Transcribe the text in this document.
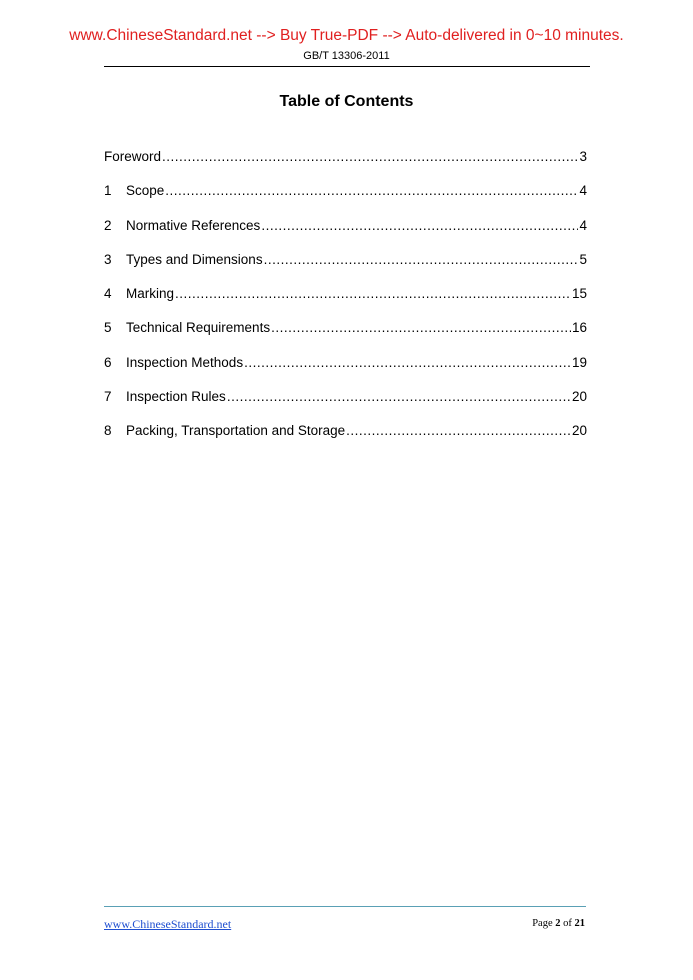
www.ChineseStandard.net --> Buy True-PDF --> Auto-delivered in 0~10 minutes.
GB/T 13306-2011
Table of Contents
Foreword .....	3
1	Scope .....	4
2	Normative References .....	4
3	Types and Dimensions .....	5
4	Marking .....	15
5	Technical Requirements .....	16
6	Inspection Methods .....	19
7	Inspection Rules .....	20
8	Packing, Transportation and Storage .....	20
www.ChineseStandard.net	Page 2 of 21
